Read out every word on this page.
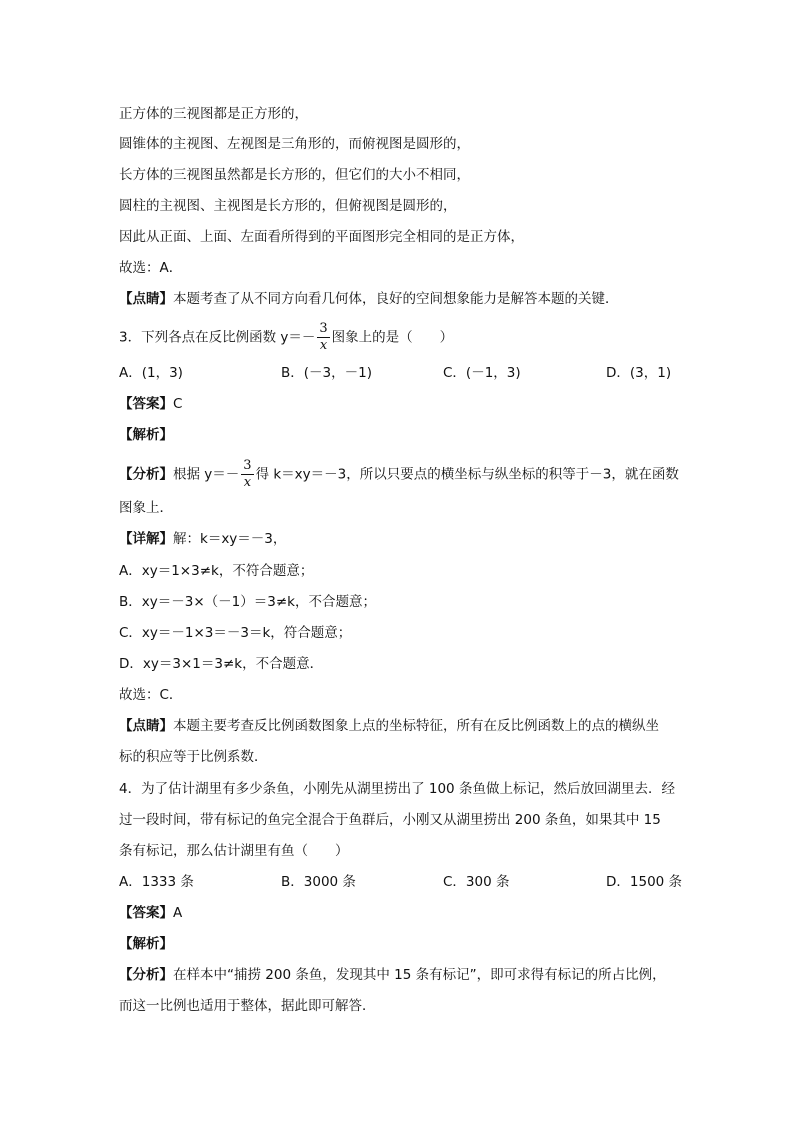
正方体的三视图都是正方形的，
圆锥体的主视图、左视图是三角形的，而俯视图是圆形的，
长方体的三视图虽然都是长方形的，但它们的大小不相同，
圆柱的主视图、主视图是长方形的，但俯视图是圆形的，
因此从正面、上面、左面看所得到的平面图形完全相同的是正方体，
故选：A．
【点睛】本题考查了从不同方向看几何体，良好的空间想象能力是解答本题的关键．
3．下列各点在反比例函数 $y=- \frac{3}{x}$ 图象上的是（　　）
A．(1，3)	B．(－3，－1)	C．(－1，3)	D．(3，1)
【答案】C
【解析】
【分析】根据 $y=- \frac{3}{x}$ 得 k＝xy＝－3，所以只要点的横坐标与纵坐标的积等于－3，就在函数
图象上．
【详解】解：k＝xy＝－3，
A．xy＝1×3≠k，不符合题意；
B．xy＝－3×（－1）＝3≠k，不合题意；
C．xy＝－1×3＝－3＝k，符合题意；
D．xy＝3×1＝3≠k，不合题意．
故选：C．
【点睛】本题主要考查反比例函数图象上点的坐标特征，所有在反比例函数上的点的横纵坐
标的积应等于比例系数．
4．为了估计湖里有多少条鱼，小刚先从湖里捞出了 100 条鱼做上标记，然后放回湖里去．经
过一段时间，带有标记的鱼完全混合于鱼群后，小刚又从湖里捞出 200 条鱼，如果其中 15
条有标记，那么估计湖里有鱼（　　）
A．1333 条	B．3000 条	C．300 条	D．1500 条
【答案】A
【解析】
【分析】在样本中“捕捞 200 条鱼，发现其中 15 条有标记”，即可求得有标记的所占比例，
而这一比例也适用于整体，据此即可解答．
